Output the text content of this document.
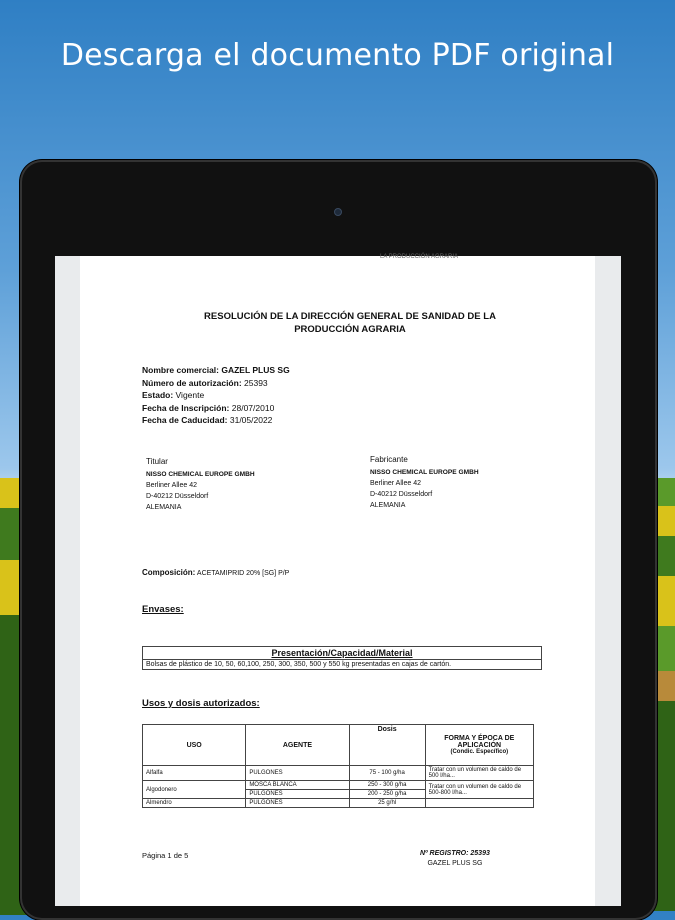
Descarga el documento PDF original
LA PRODUCCIÓN AGRARIA
RESOLUCIÓN DE LA DIRECCIÓN GENERAL DE SANIDAD DE LA
PRODUCCIÓN AGRARIA
Nombre comercial: GAZEL PLUS SG
Número de autorización: 25393
Estado: Vigente
Fecha de Inscripción: 28/07/2010
Fecha de Caducidad: 31/05/2022
Titular
NISSO CHEMICAL EUROPE GMBH
Berliner Allee 42
D-40212 Düsseldorf
ALEMANIA
Fabricante
NISSO CHEMICAL EUROPE GMBH
Berliner Allee 42
D-40212 Düsseldorf
ALEMANIA
Composición: ACETAMIPRID 20% [SG] P/P
Envases:
Presentación/Capacidad/Material
Bolsas de plástico de 10, 50, 60,100, 250, 300, 350, 500 y 550 kg presentadas en cajas de cartón.
Usos y dosis autorizados:
USO	AGENTE	Dosis	FORMA Y ÉPOCA DE
APLICACIÓN
(Condic. Específico)

Alfalfa	PULGONES	75 - 100 g/ha	Tratar con un volumen de caldo de 500 l/ha...
Algodonero	MOSCA BLANCA	250 - 300 g/ha	Tratar con un volumen de caldo de 500-800 l/ha...
	PULGONES	200 - 250 g/ha	
Almendro	PULGONES	25 g/hl	
Página 1 de 5	Nº REGISTRO: 25393
GAZEL PLUS SG
